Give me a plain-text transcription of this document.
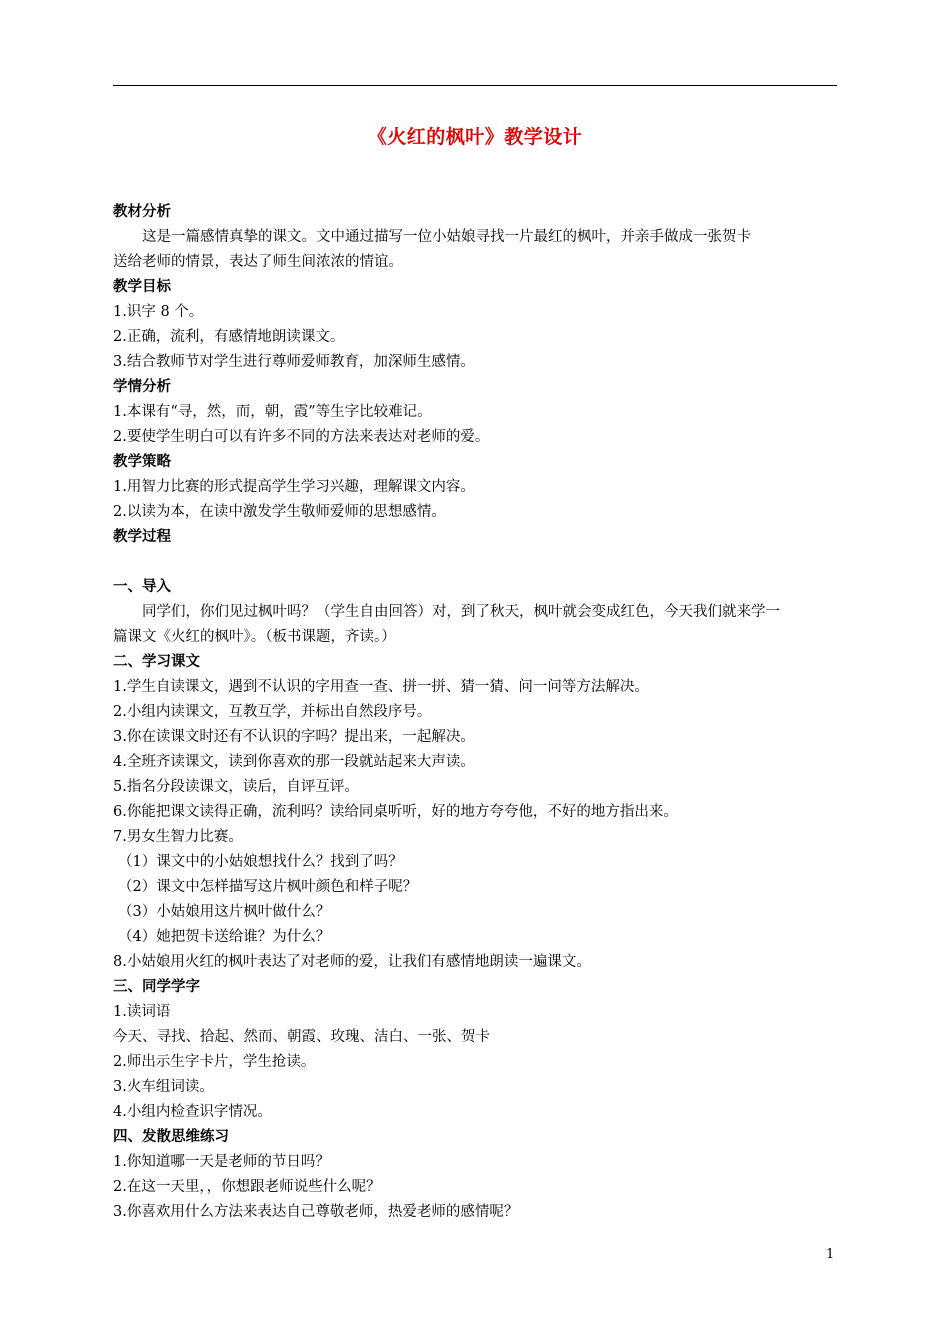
《火红的枫叶》教学设计
教材分析
这是一篇感情真挚的课文。文中通过描写一位小姑娘寻找一片最红的枫叶，并亲手做成一张贺卡
送给老师的情景，表达了师生间浓浓的情谊。
教学目标
1.识字 8 个。
2.正确，流利，有感情地朗读课文。
3.结合教师节对学生进行尊师爱师教育，加深师生感情。
学情分析
1.本课有“寻，然，而，朝，霞”等生字比较难记。
2.要使学生明白可以有许多不同的方法来表达对老师的爱。
教学策略
1.用智力比赛的形式提高学生学习兴趣，理解课文内容。
2.以读为本，在读中激发学生敬师爱师的思想感情。
教学过程
一、导入
同学们，你们见过枫叶吗？（学生自由回答）对，到了秋天，枫叶就会变成红色，今天我们就来学一
篇课文《火红的枫叶》。（板书课题，齐读。）
二、学习课文
1.学生自读课文，遇到不认识的字用查一查、拼一拼、猜一猜、问一问等方法解决。
2.小组内读课文，互教互学，并标出自然段序号。
3.你在读课文时还有不认识的字吗？提出来，一起解决。
4.全班齐读课文，读到你喜欢的那一段就站起来大声读。
5.指名分段读课文，读后，自评互评。
6.你能把课文读得正确，流利吗？读给同桌听听，好的地方夸夸他，不好的地方指出来。
7.男女生智力比赛。
（1）课文中的小姑娘想找什么？找到了吗？
（2）课文中怎样描写这片枫叶颜色和样子呢？
（3）小姑娘用这片枫叶做什么？
（4）她把贺卡送给谁？为什么？
8.小姑娘用火红的枫叶表达了对老师的爱，让我们有感情地朗读一遍课文。
三、同学学字
1.读词语
今天、寻找、拾起、然而、朝霞、玫瑰、洁白、一张、贺卡
2.师出示生字卡片，学生抢读。
3.火车组词读。
4.小组内检查识字情况。
四、发散思维练习
1.你知道哪一天是老师的节日吗？
2.在这一天里，，你想跟老师说些什么呢？
3.你喜欢用什么方法来表达自己尊敬老师，热爱老师的感情呢？
1
